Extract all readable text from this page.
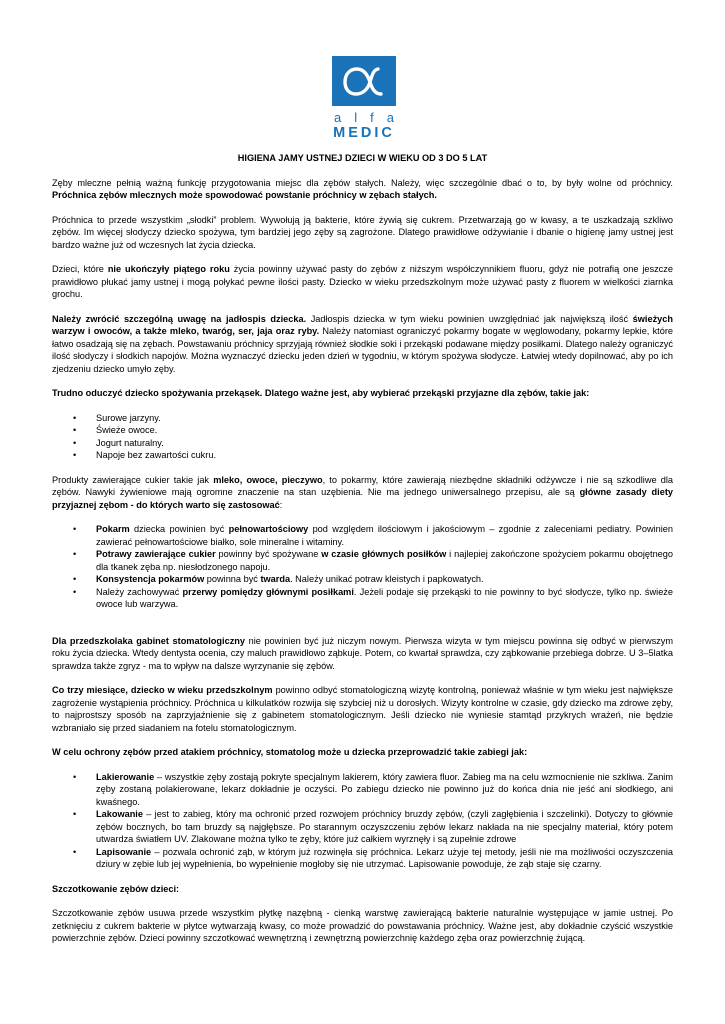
a l f a
MEDIC
HIGIENA JAMY USTNEJ DZIECI W WIEKU OD 3 DO 5 LAT

Zęby mleczne pełnią ważną funkcję przygotowania miejsc dla zębów stałych. Należy, więc szczególnie dbać o to, by były wolne od próchnicy. Próchnica zębów mlecznych może spowodować powstanie próchnicy w zębach stałych.

Próchnica to przede wszystkim „słodki” problem. Wywołują ją bakterie, które żywią się cukrem. Przetwarzają go w kwasy, a te uszkadzają szkliwo zębów. Im więcej słodyczy dziecko spożywa, tym bardziej jego zęby są zagrożone. Dlatego prawidłowe odżywianie i dbanie o higienę jamy ustnej jest bardzo ważne już od wczesnych lat życia dziecka.

Dzieci, które nie ukończyły piątego roku życia powinny używać pasty do zębów z niższym współczynnikiem fluoru, gdyż nie potrafią one jeszcze prawidłowo płukać jamy ustnej i mogą połykać pewne ilości pasty. Dziecko w wieku przedszkolnym może używać pasty z fluorem w wielkości ziarnka grochu.

Należy zwrócić szczególną uwagę na jadłospis dziecka. Jadłospis dziecka w tym wieku powinien uwzględniać jak największą ilość świeżych warzyw i owoców, a także mleko, twaróg, ser, jaja oraz ryby. Należy natomiast ograniczyć pokarmy bogate w węglowodany, pokarmy lepkie, które łatwo osadzają się na zębach. Powstawaniu próchnicy sprzyjają również słodkie soki i przekąski podawane między posiłkami. Dlatego należy ograniczyć ilość słodyczy i słodkich napojów. Można wyznaczyć dziecku jeden dzień w tygodniu, w którym spożywa słodycze. Łatwiej wtedy dopilnować, aby po ich zjedzeniu dziecko umyło zęby.

Trudno oduczyć dziecko spożywania przekąsek. Dlatego ważne jest, aby wybierać przekąski przyjazne dla zębów, takie jak:

• Surowe jarzyny.
• Świeże owoce.
• Jogurt naturalny.
• Napoje bez zawartości cukru.

Produkty zawierające cukier takie jak mleko, owoce, pieczywo, to pokarmy, które zawierają niezbędne składniki odżywcze i nie są szkodliwe dla zębów. Nawyki żywieniowe mają ogromne znaczenie na stan uzębienia. Nie ma jednego uniwersalnego przepisu, ale są główne zasady diety przyjaznej zębom - do których warto się zastosować:

• Pokarm dziecka powinien być pełnowartościowy pod względem ilościowym i jakościowym – zgodnie z zaleceniami pediatry. Powinien zawierać pełnowartościowe białko, sole mineralne i witaminy.
• Potrawy zawierające cukier powinny być spożywane w czasie głównych posiłków i najlepiej zakończone spożyciem pokarmu obojętnego dla tkanek zęba np. niesłodzonego napoju.
• Konsystencja pokarmów powinna być twarda. Należy unikać potraw kleistych i papkowatych.
• Należy zachowywać przerwy pomiędzy głównymi posiłkami. Jeżeli podaje się przekąski to nie powinny to być słodycze, tylko np. świeże owoce lub warzywa.

Dla przedszkolaka gabinet stomatologiczny nie powinien być już niczym nowym. Pierwsza wizyta w tym miejscu powinna się odbyć w pierwszym roku życia dziecka. Wtedy dentysta ocenia, czy maluch prawidłowo ząbkuje. Potem, co kwartał sprawdza, czy ząbkowanie przebiega dobrze. U 3–5latka sprawdza także zgryz - ma to wpływ na dalsze wyrzynanie się zębów.

Co trzy miesiące, dziecko w wieku przedszkolnym powinno odbyć stomatologiczną wizytę kontrolną, ponieważ właśnie w tym wieku jest największe zagrożenie wystąpienia próchnicy. Próchnica u kilkulatków rozwija się szybciej niż u dorosłych. Wizyty kontrolne w czasie, gdy dziecko ma zdrowe zęby, to najprostszy sposób na zaprzyjaźnienie się z gabinetem stomatologicznym. Jeśli dziecko nie wyniesie stamtąd przykrych wrażeń, nie będzie wzbraniało się przed siadaniem na fotelu stomatologicznym.

W celu ochrony zębów przed atakiem próchnicy, stomatolog może u dziecka przeprowadzić takie zabiegi jak:

• Lakierowanie – wszystkie zęby zostają pokryte specjalnym lakierem, który zawiera fluor. Zabieg ma na celu wzmocnienie nie szkliwa. Zanim zęby zostaną polakierowane, lekarz dokładnie je oczyści. Po zabiegu dziecko nie powinno już do końca dnia nie jeść ani słodkiego, ani kwaśnego.
• Lakowanie – jest to zabieg, który ma ochronić przed rozwojem próchnicy bruzdy zębów, (czyli zagłębienia i szczelinki). Dotyczy to głównie zębów bocznych, bo tam bruzdy są najgłębsze. Po starannym oczyszczeniu zębów lekarz nakłada na nie specjalny materiał, który potem utwardza światłem UV. Zlakowane można tylko te zęby, które już całkiem wyrznęły i są zupełnie zdrowe
• Lapisowanie – pozwala ochronić ząb, w którym już rozwinęła się próchnica. Lekarz użyje tej metody, jeśli nie ma możliwości oczyszczenia dziury w zębie lub jej wypełnienia, bo wypełnienie mogłoby się nie utrzymać. Lapisowanie powoduje, że ząb staje się czarny.

Szczotkowanie zębów dzieci:

Szczotkowanie zębów usuwa przede wszystkim płytkę nazębną - cienką warstwę zawierającą bakterie naturalnie występujące w jamie ustnej. Po zetknięciu z cukrem bakterie w płytce wytwarzają kwasy, co może prowadzić do powstawania próchnicy. Ważne jest, aby dokładnie czyścić wszystkie powierzchnie zębów. Dzieci powinny szczotkować wewnętrzną i zewnętrzną powierzchnię każdego zęba oraz powierzchnię żującą.
